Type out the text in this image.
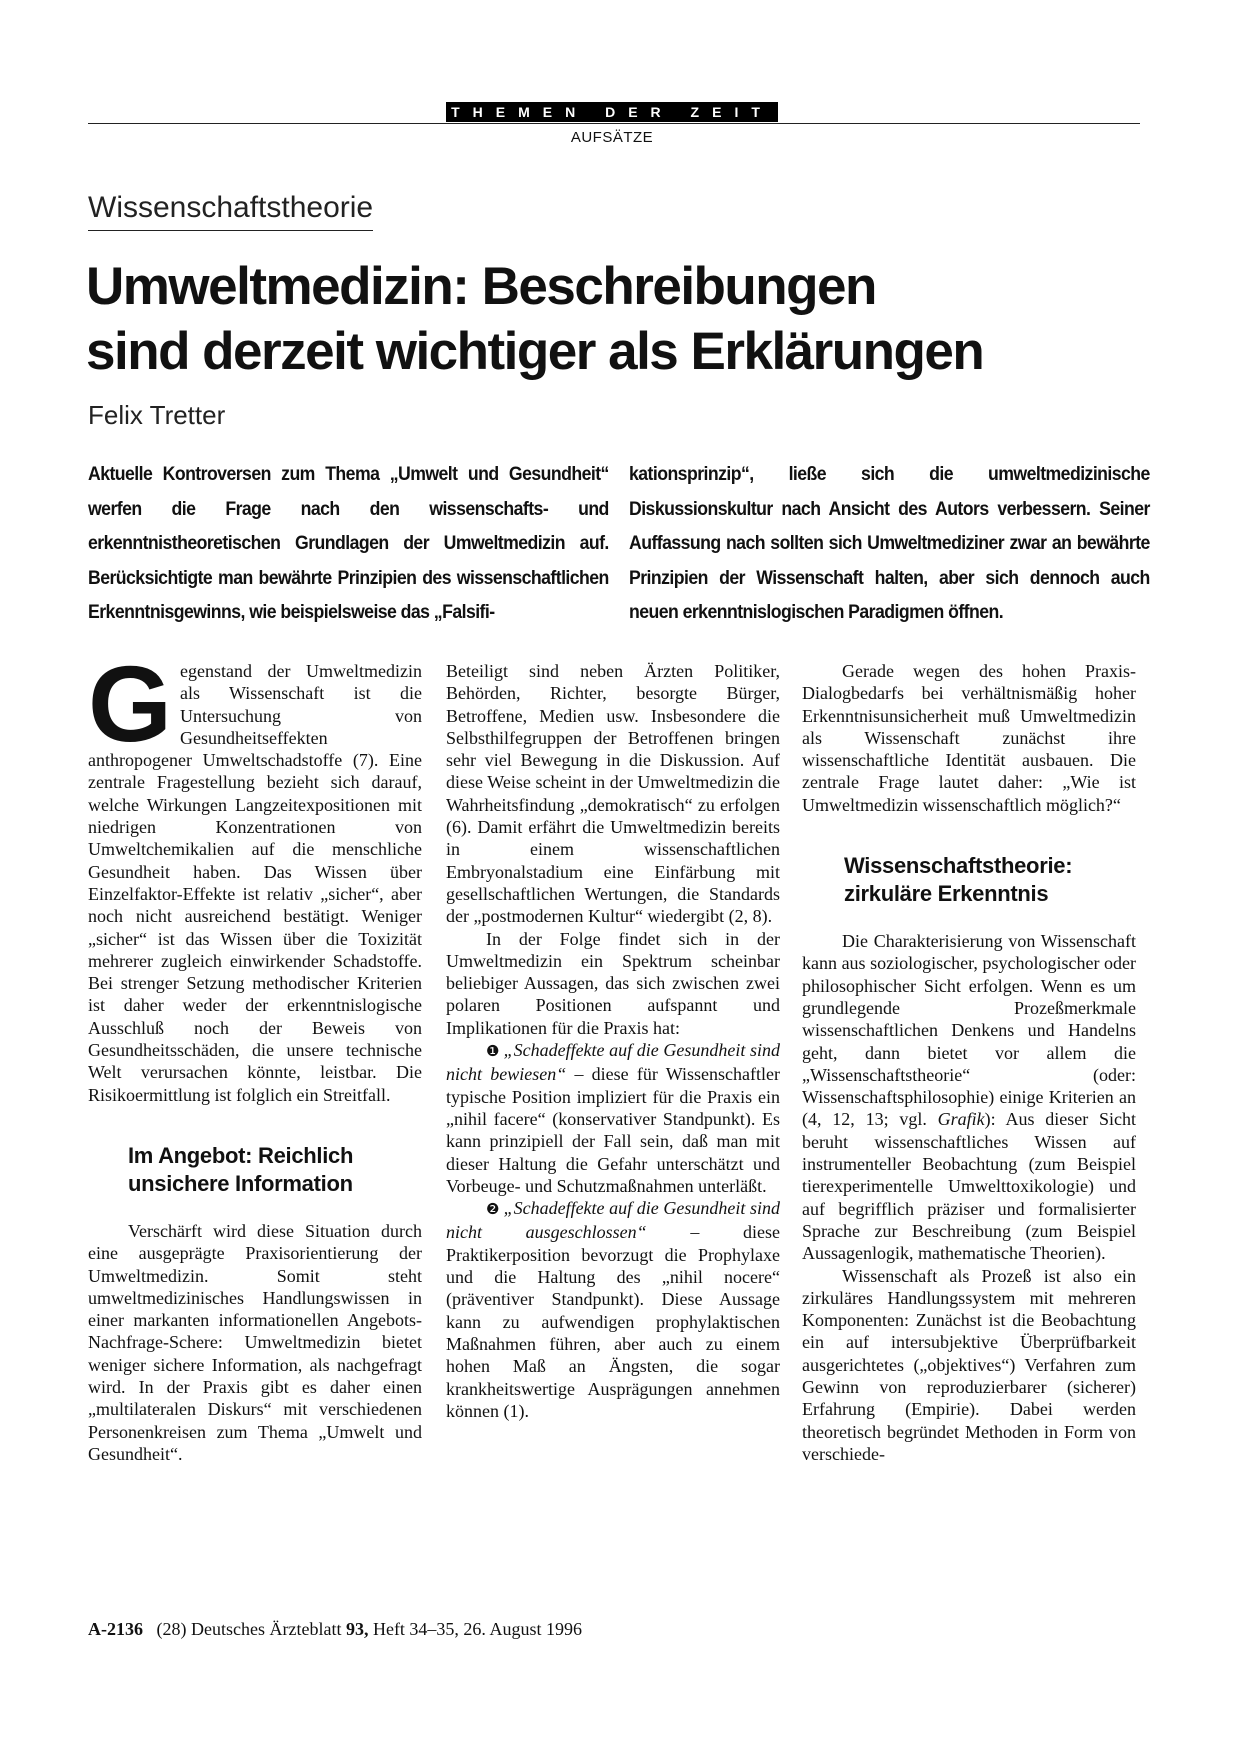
THEMEN DER ZEIT
AUFSÄTZE
Wissenschaftstheorie
Umweltmedizin: Beschreibungen
sind derzeit wichtiger als Erklärungen
Felix Tretter

Aktuelle Kontroversen zum Thema „Umwelt und Gesundheit“ werfen die Frage nach den wissenschafts- und erkenntnistheoretischen Grundlagen der Umweltmedizin auf. Berücksichtigte man bewährte Prinzipien des wissenschaftlichen Erkenntnisgewinns, wie beispielsweise das „Falsifi-

kationsprinzip“, ließe sich die umweltmedizinische Diskussionskultur nach Ansicht des Autors verbessern. Seiner Auffassung nach sollten sich Umweltmediziner zwar an bewährte Prinzipien der Wissenschaft halten, aber sich dennoch auch neuen erkenntnislogischen Paradigmen öffnen.

Gegenstand der Umweltmedizin als Wissenschaft ist die Untersuchung von Gesundheitseffekten anthropogener Umweltschadstoffe (7). Eine zentrale Fragestellung bezieht sich darauf, welche Wirkungen Langzeitexpositionen mit niedrigen Konzentrationen von Umweltchemikalien auf die menschliche Gesundheit haben. Das Wissen über Einzelfaktor-Effekte ist relativ „sicher“, aber noch nicht ausreichend bestätigt. Weniger „sicher“ ist das Wissen über die Toxizität mehrerer zugleich einwirkender Schadstoffe. Bei strenger Setzung methodischer Kriterien ist daher weder der erkenntnislogische Ausschluß noch der Beweis von Gesundheitsschäden, die unsere technische Welt verursachen könnte, leistbar. Die Risikoermittlung ist folglich ein Streitfall.

Im Angebot: Reichlich unsichere Information

Verschärft wird diese Situation durch eine ausgeprägte Praxisorientierung der Umweltmedizin. Somit steht umweltmedizinisches Handlungswissen in einer markanten informationellen Angebots-Nachfrage-Schere: Umweltmedizin bietet weniger sichere Information, als nachgefragt wird. In der Praxis gibt es daher einen „multilateralen Diskurs“ mit verschiedenen Personenkreisen zum Thema „Umwelt und Gesundheit“.

Beteiligt sind neben Ärzten Politiker, Behörden, Richter, besorgte Bürger, Betroffene, Medien usw. Insbesondere die Selbsthilfegruppen der Betroffenen bringen sehr viel Bewegung in die Diskussion. Auf diese Weise scheint in der Umweltmedizin die Wahrheitsfindung „demokratisch“ zu erfolgen (6). Damit erfährt die Umweltmedizin bereits in einem wissenschaftlichen Embryonalstadium eine Einfärbung mit gesellschaftlichen Wertungen, die Standards der „postmodernen Kultur“ wiedergibt (2, 8).

In der Folge findet sich in der Umweltmedizin ein Spektrum scheinbar beliebiger Aussagen, das sich zwischen zwei polaren Positionen aufspannt und Implikationen für die Praxis hat:

❶ „Schadeffekte auf die Gesundheit sind nicht bewiesen“ – diese für Wissenschaftler typische Position impliziert für die Praxis ein „nihil facere“ (konservativer Standpunkt). Es kann prinzipiell der Fall sein, daß man mit dieser Haltung die Gefahr unterschätzt und Vorbeuge- und Schutzmaßnahmen unterläßt.

❷ „Schadeffekte auf die Gesundheit sind nicht ausgeschlossen“ – diese Praktikerposition bevorzugt die Prophylaxe und die Haltung des „nihil nocere“ (präventiver Standpunkt). Diese Aussage kann zu aufwendigen prophylaktischen Maßnahmen führen, aber auch zu einem hohen Maß an Ängsten, die sogar krankheitswertige Ausprägungen annehmen können (1).

Gerade wegen des hohen Praxis-Dialogbedarfs bei verhältnismäßig hoher Erkenntnisunsicherheit muß Umweltmedizin als Wissenschaft zunächst ihre wissenschaftliche Identität ausbauen. Die zentrale Frage lautet daher: „Wie ist Umweltmedizin wissenschaftlich möglich?“

Wissenschaftstheorie: zirkuläre Erkenntnis

Die Charakterisierung von Wissenschaft kann aus soziologischer, psychologischer oder philosophischer Sicht erfolgen. Wenn es um grundlegende Prozeßmerkmale wissenschaftlichen Denkens und Handelns geht, dann bietet vor allem die „Wissenschaftstheorie“ (oder: Wissenschaftsphilosophie) einige Kriterien an (4, 12, 13; vgl. Grafik): Aus dieser Sicht beruht wissenschaftliches Wissen auf instrumenteller Beobachtung (zum Beispiel tierexperimentelle Umwelttoxikologie) und auf begrifflich präziser und formalisierter Sprache zur Beschreibung (zum Beispiel Aussagenlogik, mathematische Theorien).

Wissenschaft als Prozeß ist also ein zirkuläres Handlungssystem mit mehreren Komponenten: Zunächst ist die Beobachtung ein auf intersubjektive Überprüfbarkeit ausgerichtetes („objektives“) Verfahren zum Gewinn von reproduzierbarer (sicherer) Erfahrung (Empirie). Dabei werden theoretisch begründet Methoden in Form von verschiede-

A-2136 (28) Deutsches Ärzteblatt 93, Heft 34–35, 26. August 1996
